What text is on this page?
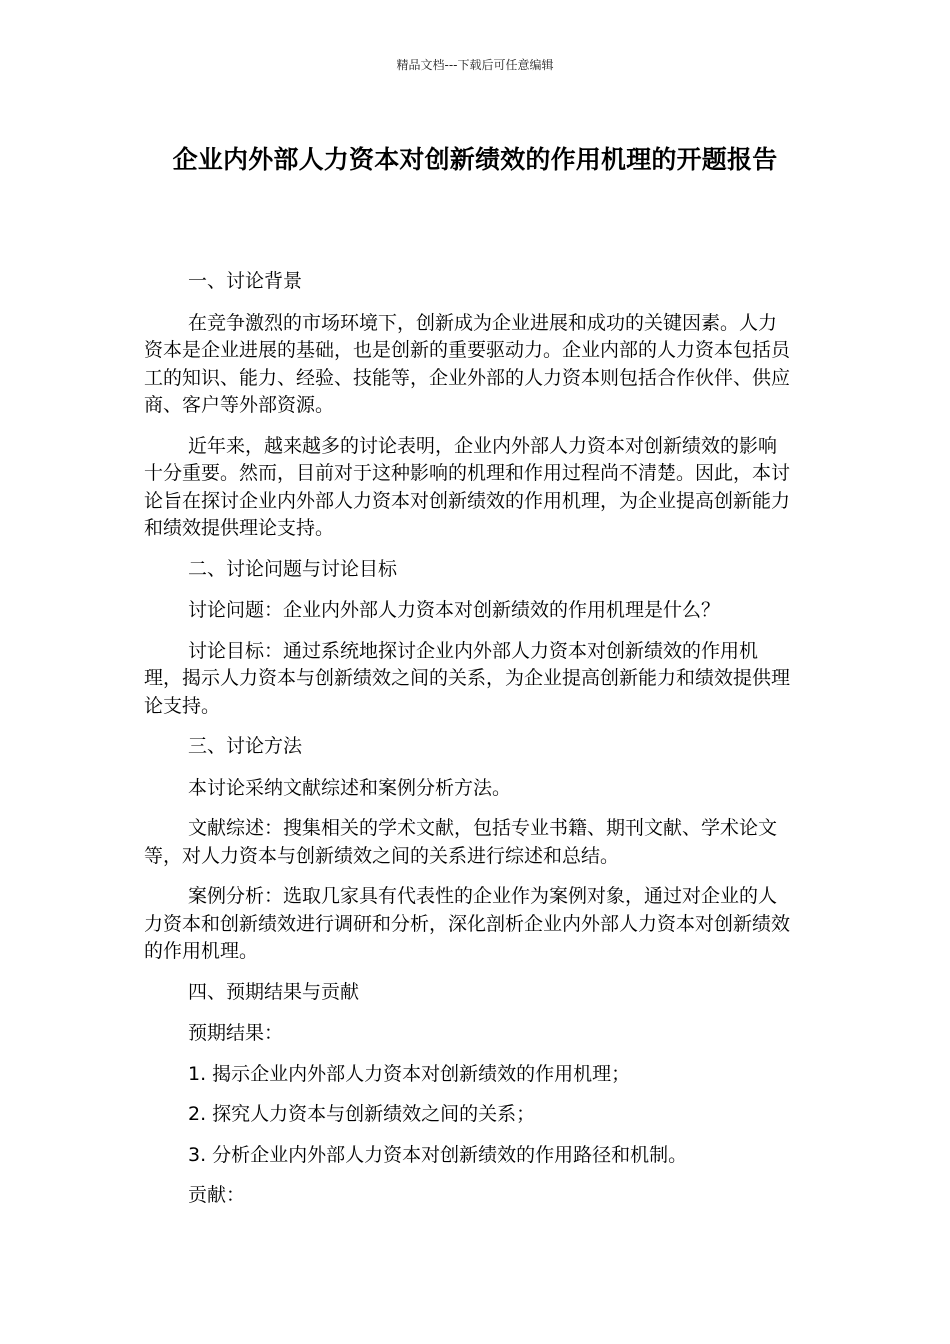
精品文档---下载后可任意编辑
企业内外部人力资本对创新绩效的作用机理的开题报告

一、讨论背景

在竞争激烈的市场环境下，创新成为企业进展和成功的关键因素。人力资本是企业进展的基础，也是创新的重要驱动力。企业内部的人力资本包括员工的知识、能力、经验、技能等，企业外部的人力资本则包括合作伙伴、供应商、客户等外部资源。

近年来，越来越多的讨论表明，企业内外部人力资本对创新绩效的影响十分重要。然而，目前对于这种影响的机理和作用过程尚不清楚。因此，本讨论旨在探讨企业内外部人力资本对创新绩效的作用机理，为企业提高创新能力和绩效提供理论支持。

二、讨论问题与讨论目标

讨论问题：企业内外部人力资本对创新绩效的作用机理是什么？

讨论目标：通过系统地探讨企业内外部人力资本对创新绩效的作用机理，揭示人力资本与创新绩效之间的关系，为企业提高创新能力和绩效提供理论支持。

三、讨论方法

本讨论采纳文献综述和案例分析方法。

文献综述：搜集相关的学术文献，包括专业书籍、期刊文献、学术论文等，对人力资本与创新绩效之间的关系进行综述和总结。

案例分析：选取几家具有代表性的企业作为案例对象，通过对企业的人力资本和创新绩效进行调研和分析，深化剖析企业内外部人力资本对创新绩效的作用机理。

四、预期结果与贡献

预期结果：

1. 揭示企业内外部人力资本对创新绩效的作用机理；

2. 探究人力资本与创新绩效之间的关系；

3. 分析企业内外部人力资本对创新绩效的作用路径和机制。

贡献：
